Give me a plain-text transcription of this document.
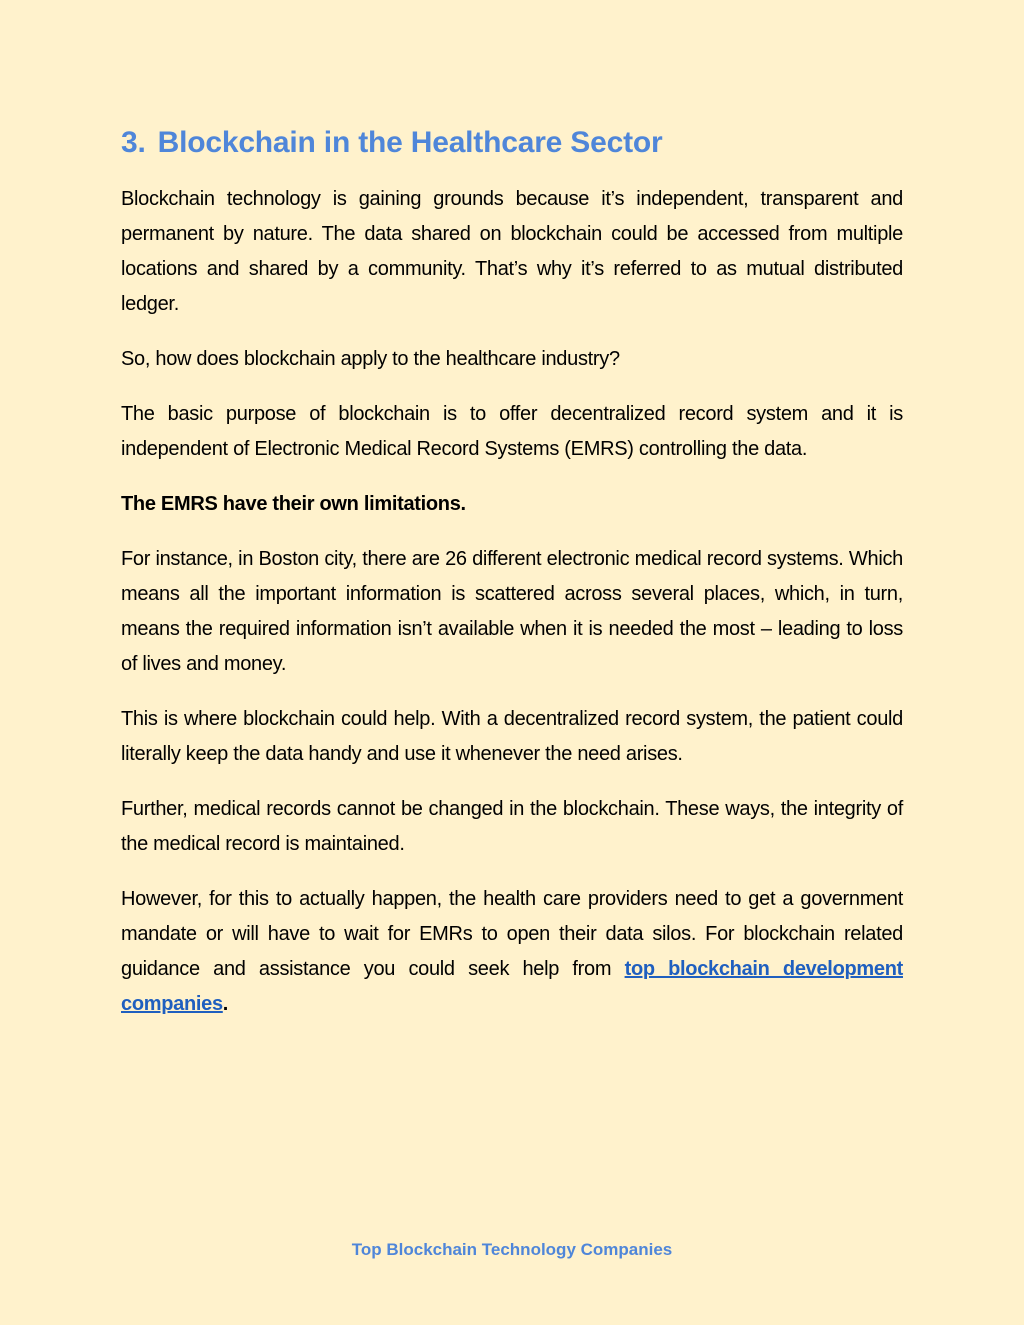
3. Blockchain in the Healthcare Sector

Blockchain technology is gaining grounds because it’s independent, transparent and permanent by nature. The data shared on blockchain could be accessed from multiple locations and shared by a community. That’s why it’s referred to as mutual distributed ledger.

So, how does blockchain apply to the healthcare industry?

The basic purpose of blockchain is to offer decentralized record system and it is independent of Electronic Medical Record Systems (EMRS) controlling the data.

The EMRS have their own limitations.

For instance, in Boston city, there are 26 different electronic medical record systems. Which means all the important information is scattered across several places, which, in turn, means the required information isn’t available when it is needed the most – leading to loss of lives and money.

This is where blockchain could help. With a decentralized record system, the patient could literally keep the data handy and use it whenever the need arises.

Further, medical records cannot be changed in the blockchain. These ways, the integrity of the medical record is maintained.

However, for this to actually happen, the health care providers need to get a government mandate or will have to wait for EMRs to open their data silos. For blockchain related guidance and assistance you could seek help from top blockchain development companies.

Top Blockchain Technology Companies
